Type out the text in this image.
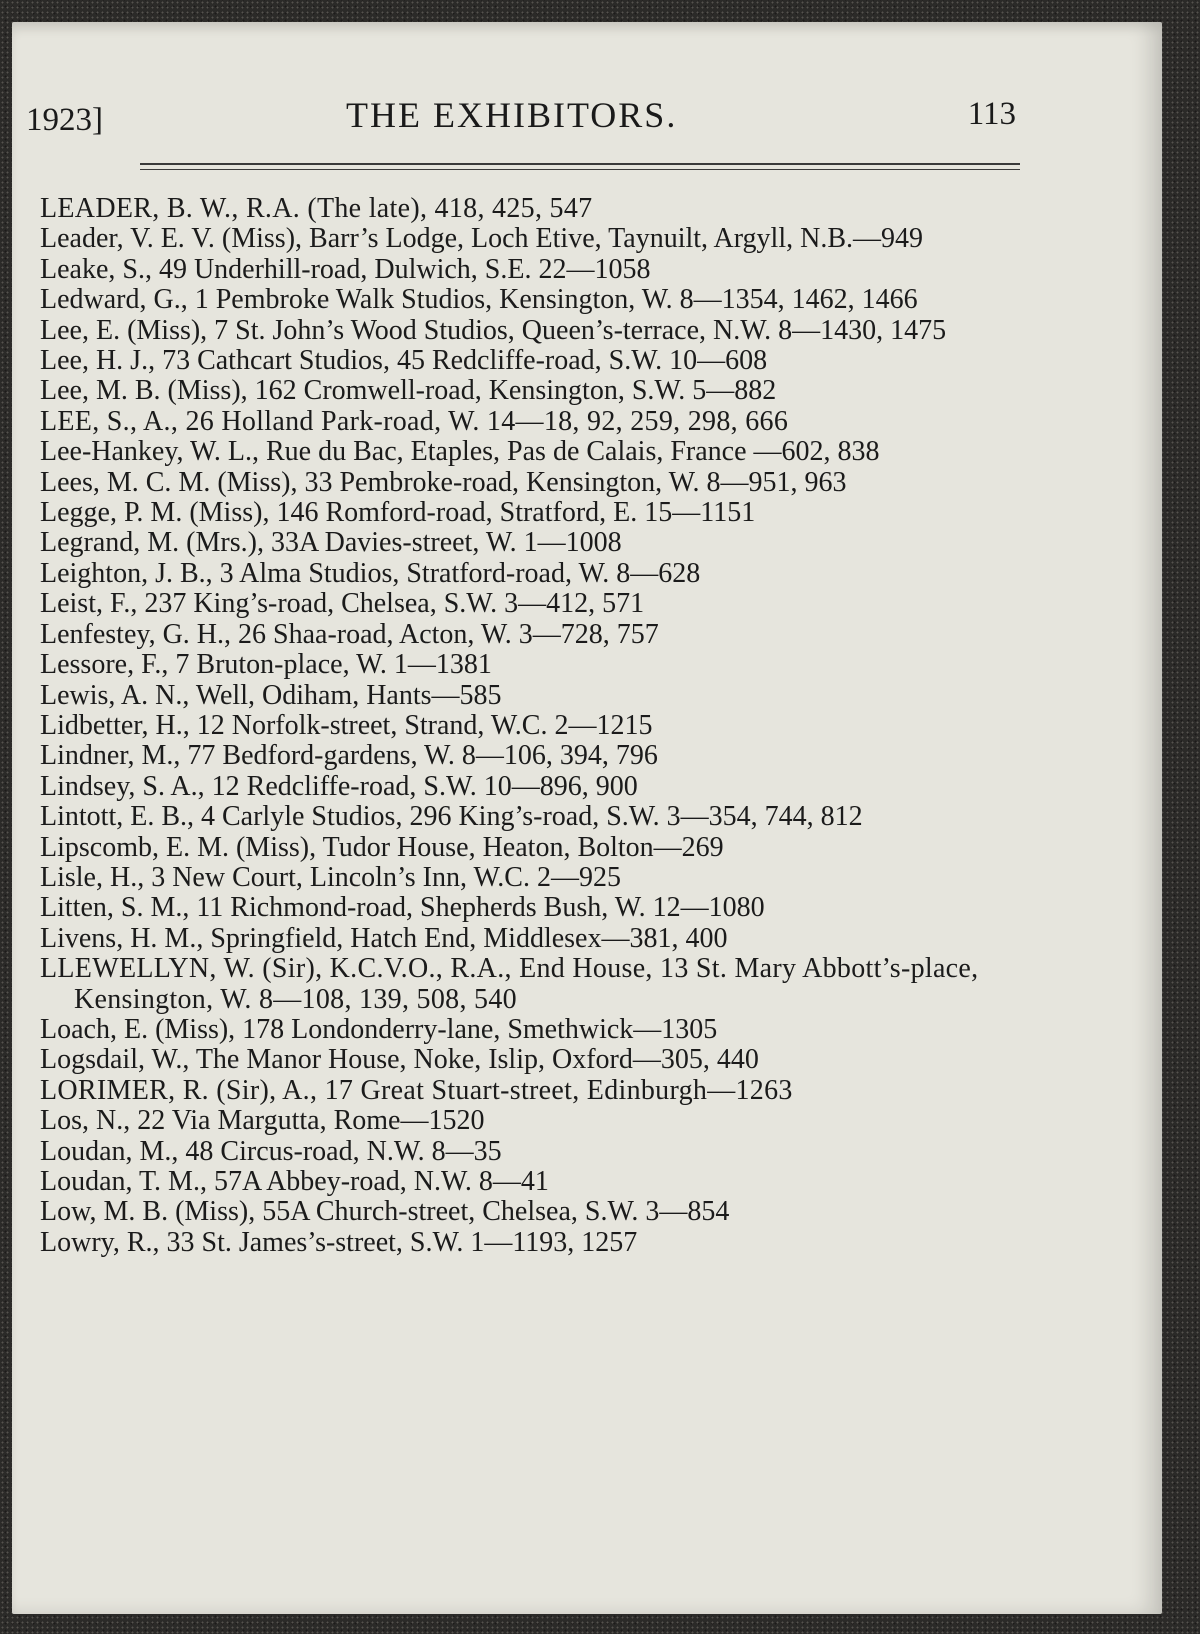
1923]	THE EXHIBITORS.	113
LEADER, B. W., R.A. (The late), 418, 425, 547
Leader, V. E. V. (Miss), Barr’s Lodge, Loch Etive, Taynuilt, Argyll, N.B.—949
Leake, S., 49 Underhill-road, Dulwich, S.E. 22—1058
Ledward, G., 1 Pembroke Walk Studios, Kensington, W. 8—1354, 1462, 1466
Lee, E. (Miss), 7 St. John’s Wood Studios, Queen’s-terrace, N.W. 8—1430, 1475
Lee, H. J., 73 Cathcart Studios, 45 Redcliffe-road, S.W. 10—608
Lee, M. B. (Miss), 162 Cromwell-road, Kensington, S.W. 5—882
LEE, S., A., 26 Holland Park-road, W. 14—18, 92, 259, 298, 666
Lee-Hankey, W. L., Rue du Bac, Etaples, Pas de Calais, France —602, 838
Lees, M. C. M. (Miss), 33 Pembroke-road, Kensington, W. 8—951, 963
Legge, P. M. (Miss), 146 Romford-road, Stratford, E. 15—1151
Legrand, M. (Mrs.), 33A Davies-street, W. 1—1008
Leighton, J. B., 3 Alma Studios, Stratford-road, W. 8—628
Leist, F., 237 King’s-road, Chelsea, S.W. 3—412, 571
Lenfestey, G. H., 26 Shaa-road, Acton, W. 3—728, 757
Lessore, F., 7 Bruton-place, W. 1—1381
Lewis, A. N., Well, Odiham, Hants—585
Lidbetter, H., 12 Norfolk-street, Strand, W.C. 2—1215
Lindner, M., 77 Bedford-gardens, W. 8—106, 394, 796
Lindsey, S. A., 12 Redcliffe-road, S.W. 10—896, 900
Lintott, E. B., 4 Carlyle Studios, 296 King’s-road, S.W. 3—354, 744, 812
Lipscomb, E. M. (Miss), Tudor House, Heaton, Bolton—269
Lisle, H., 3 New Court, Lincoln’s Inn, W.C. 2—925
Litten, S. M., 11 Richmond-road, Shepherds Bush, W. 12—1080
Livens, H. M., Springfield, Hatch End, Middlesex—381, 400
LLEWELLYN, W. (Sir), K.C.V.O., R.A., End House, 13 St. Mary Abbott’s-place, Kensington, W. 8—108, 139, 508, 540
Loach, E. (Miss), 178 Londonderry-lane, Smethwick—1305
Logsdail, W., The Manor House, Noke, Islip, Oxford—305, 440
LORIMER, R. (Sir), A., 17 Great Stuart-street, Edinburgh—1263
Los, N., 22 Via Margutta, Rome—1520
Loudan, M., 48 Circus-road, N.W. 8—35
Loudan, T. M., 57A Abbey-road, N.W. 8—41
Low, M. B. (Miss), 55A Church-street, Chelsea, S.W. 3—854
Lowry, R., 33 St. James’s-street, S.W. 1—1193, 1257
